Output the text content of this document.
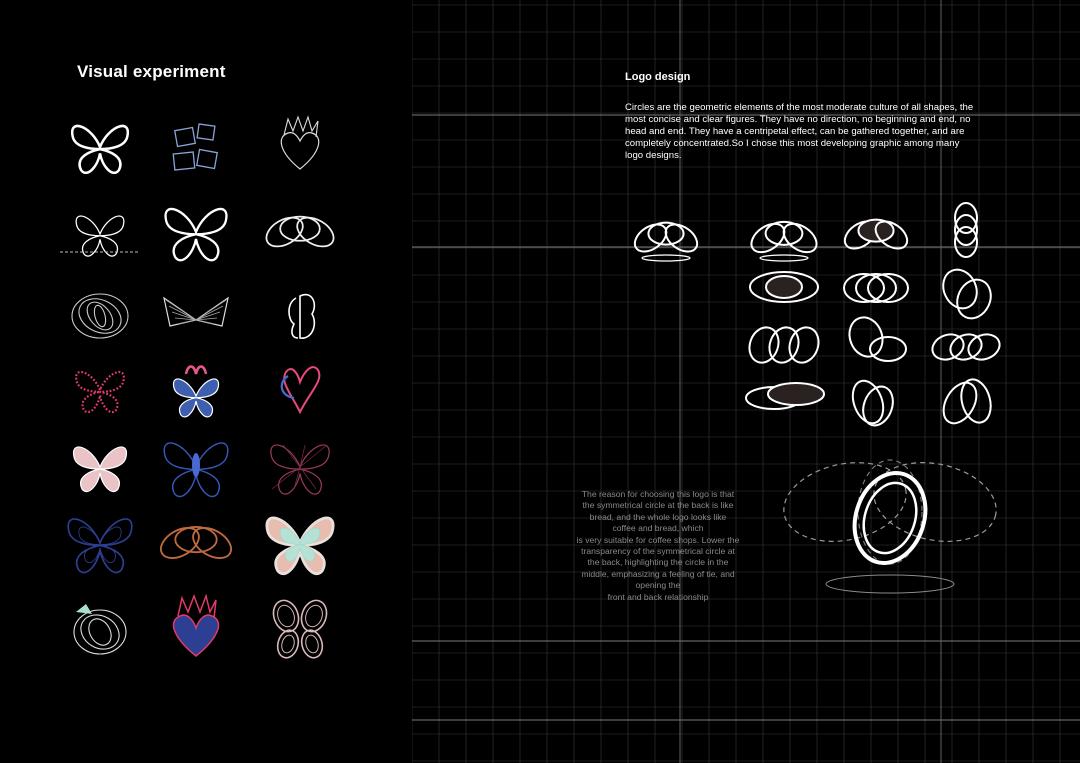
Visual experiment	Logo design
Circles are the geometric elements of the most moderate culture of all shapes, the most concise and clear figures. They have no direction, no beginning and end, no head and end. They have a centripetal effect, can be gathered together, and are completely concentrated.So I chose this most developing graphic among many logo designs.
The reason for choosing this logo is that
the symmetrical circle at the back is like
bread, and the whole logo looks like
coffee and bread, which
is very suitable for coffee shops. Lower the
transparency of the symmetrical circle at
the back, highlighting the circle in the
middle, emphasizing a feeling of tie, and
opening the
front and back relationship
